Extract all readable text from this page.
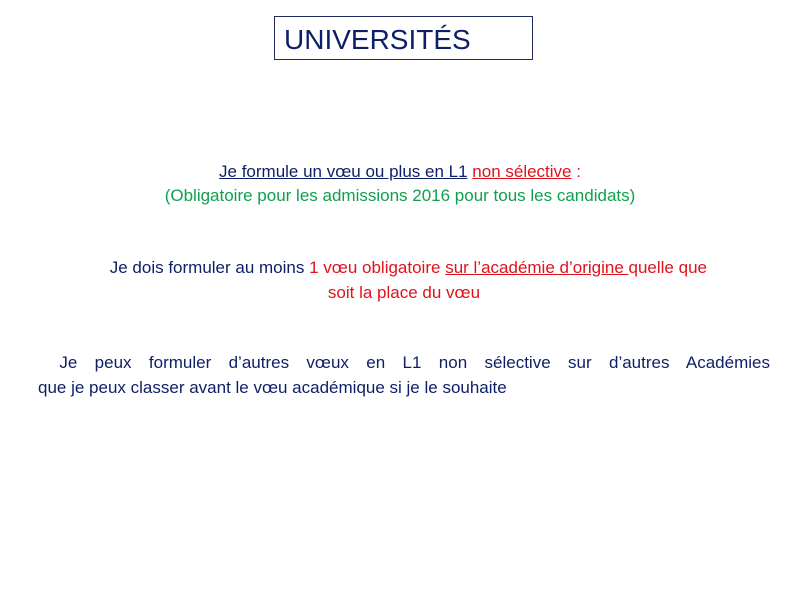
UNIVERSITÉS
Je formule un vœu ou plus en L1 non sélective :
(Obligatoire pour les admissions 2016 pour tous les candidats)
Je dois formuler au moins 1 vœu obligatoire sur l’académie d’origine quelle que
soit la place du vœu
Je peux formuler d’autres vœux en L1 non sélective sur d’autres Académies
que je peux classer avant le vœu académique si je le souhaite
